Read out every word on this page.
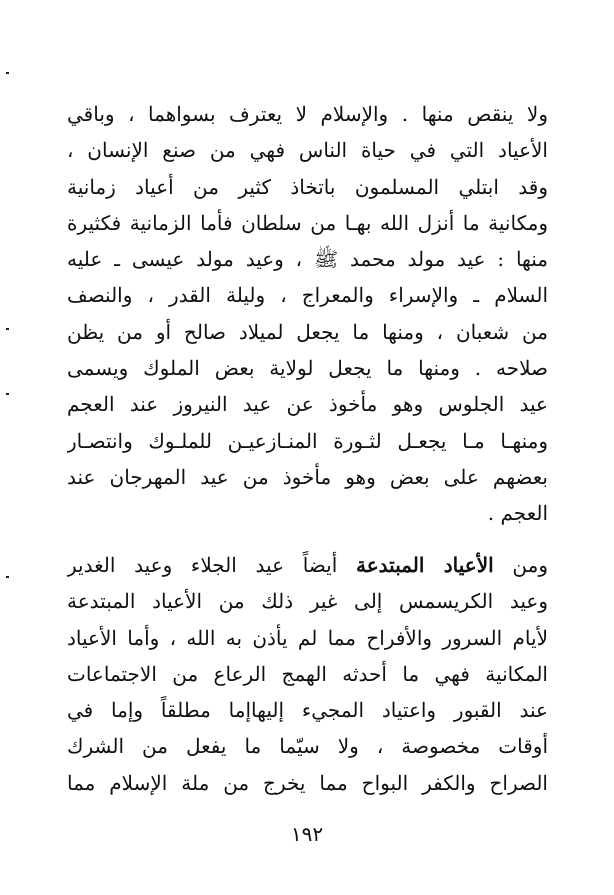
ولا ينقص منها . والإسلام لا يعترف بسواهما ، وباقي
الأعياد التي في حياة الناس فهي من صنع الإنسان ،
وقد ابتلي المسلمون باتخاذ كثير من أعياد زمانية
ومكانية ما أنزل الله بهـا من سلطان فأما الزمانية فكثيرة
منها : عيد مولد محمد ﷺ ، وعيد مولد عيسى ـ عليه
السلام ـ والإسراء والمعراج ، وليلة القدر ، والنصف
من شعبان ، ومنها ما يجعل لميلاد صالح أو من يظن
صلاحه . ومنها ما يجعل لولاية بعض الملوك ويسمى
عيد الجلوس وهو مأخوذ عن عيد النيروز عند العجم
ومنهـا مـا يجعـل لثـورة المنـازعيـن للملـوك وانتصـار
بعضهم على بعض وهو مأخوذ من عيد المهرجان عند
العجم .
ومن الأعياد المبتدعة أيضاً عيد الجلاء وعيد الغدير
وعيد الكريسمس إلى غير ذلك من الأعياد المبتدعة
لأيام السرور والأفراح مما لم يأذن به الله ، وأما الأعياد
المكانية فهي ما أحدثه الهمج الرعاع من الاجتماعات
عند القبور واعتياد المجيء إليهاإما مطلقاً وإما في
أوقات مخصوصة ، ولا سيّما ما يفعل من الشرك
الصراح والكفر البواح مما يخرج من ملة الإسلام مما
١٩٢
